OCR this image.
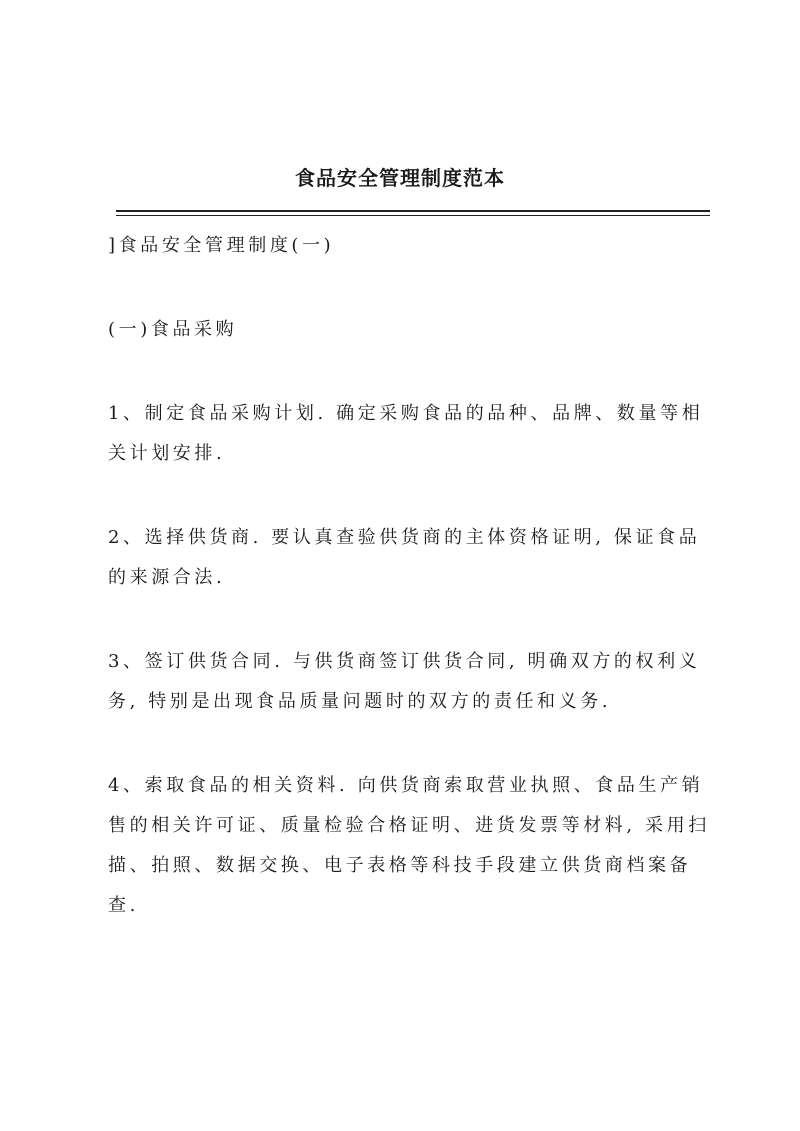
食品安全管理制度范本
]食品安全管理制度(一)
(一)食品采购
1、制定食品采购计划. 确定采购食品的品种、品牌、数量等相
关计划安排.
2、选择供货商. 要认真查验供货商的主体资格证明, 保证食品
的来源合法.
3、签订供货合同. 与供货商签订供货合同, 明确双方的权利义
务, 特别是出现食品质量问题时的双方的责任和义务.
4、索取食品的相关资料. 向供货商索取营业执照、食品生产销
售的相关许可证、质量检验合格证明、进货发票等材料, 采用扫
描、拍照、数据交换、电子表格等科技手段建立供货商档案备
查.
